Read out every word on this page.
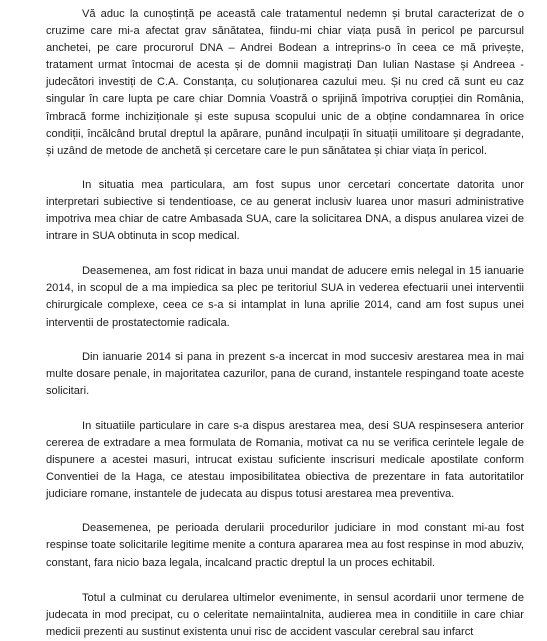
Vă aduc la cunoștință pe această cale tratamentul nedemn și brutal caracterizat de o cruzime care mi-a afectat grav sănătatea, fiindu-mi chiar viața pusă în pericol pe parcursul anchetei, pe care procurorul DNA – Andrei Bodean a intreprins-o în ceea ce mă privește, tratament urmat întocmai de acesta și de domnii magistrați Dan Iulian Nastase și Andreea - judecători investiți de C.A. Constanța, cu soluționarea cazului meu. Și nu cred că sunt eu caz singular în care lupta pe care chiar Domnia Voastră o sprijină împotriva corupției din România, îmbracă forme inchiziționale și este supusa scopului unic de a obține condamnarea în orice condiții, încălcând brutal dreptul la apărare, punând inculpații în situații umilitoare și degradante, și uzând de metode de anchetă și cercetare care le pun sănătatea și chiar viața în pericol.

In situatia mea particulara, am fost supus unor cercetari concertate datorita unor interpretari subiective si tendentioase, ce au generat inclusiv luarea unor masuri administrative impotriva mea chiar de catre Ambasada SUA, care la solicitarea DNA, a dispus anularea vizei de intrare in SUA obtinuta in scop medical.

Deasemenea, am fost ridicat in baza unui mandat de aducere emis nelegal in 15 ianuarie 2014, in scopul de a ma impiedica sa plec pe teritoriul SUA in vederea efectuarii unei interventii chirurgicale complexe, ceea ce s-a si intamplat in luna aprilie 2014, cand am fost supus unei interventii de prostatectomie radicala.

Din ianuarie 2014 si pana in prezent s-a incercat in mod succesiv arestarea mea in mai multe dosare penale, in majoritatea cazurilor, pana de curand, instantele respingand toate aceste solicitari.

In situatiile particulare in care s-a dispus arestarea mea, desi SUA respinsesera anterior cererea de extradare a mea formulata de Romania, motivat ca nu se verifica cerintele legale de dispunere a acestei masuri, intrucat existau suficiente inscrisuri medicale apostilate conform Conventiei de la Haga, ce atestau imposibilitatea obiectiva de prezentare in fata autoritatilor judiciare romane, instantele de judecata au dispus totusi arestarea mea preventiva.

Deasemenea, pe perioada derularii procedurilor judiciare in mod constant mi-au fost respinse toate solicitarile legitime menite a contura apararea mea au fost respinse in mod abuziv, constant, fara nicio baza legala, incalcand practic dreptul la un proces echitabil.

Totul a culminat cu derularea ultimelor evenimente, in sensul acordarii unor termene de judecata in mod precipat, cu o celeritate nemaiintalnita, audierea mea in conditiile in care chiar medicii prezenti au sustinut existenta unui risc de accident vascular cerebral sau infarct
